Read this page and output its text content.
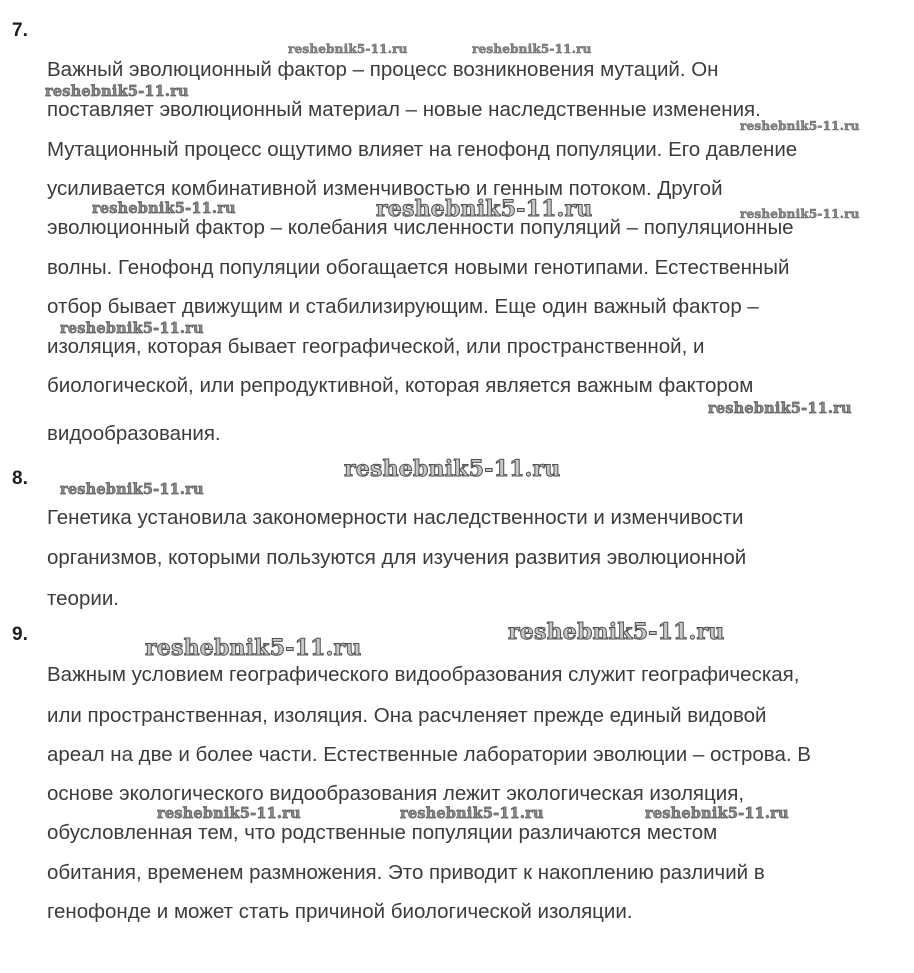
7.
Важный эволюционный фактор – процесс возникновения мутаций. Он
поставляет эволюционный материал – новые наследственные изменения.
Мутационный процесс ощутимо влияет на генофонд популяции. Его давление
усиливается комбинативной изменчивостью и генным потоком. Другой
эволюционный фактор – колебания численности популяций – популяционные
волны. Генофонд популяции обогащается новыми генотипами. Естественный
отбор бывает движущим и стабилизирующим. Еще один важный фактор –
изоляция, которая бывает географической, или пространственной, и
биологической, или репродуктивной, которая является важным фактором
видообразования.
8.
Генетика установила закономерности наследственности и изменчивости
организмов, которыми пользуются для изучения развития эволюционной
теории.
9.
Важным условием географического видообразования служит географическая,
или пространственная, изоляция. Она расчленяет прежде единый видовой
ареал на две и более части. Естественные лаборатории эволюции – острова. В
основе экологического видообразования лежит экологическая изоляция,
обусловленная тем, что родственные популяции различаются местом
обитания, временем размножения. Это приводит к накоплению различий в
генофонде и может стать причиной биологической изоляции.
reshebnik5-11.ru	reshebnik5-11.ru
reshebnik5-11.ru
reshebnik5-11.ru
reshebnik5-11.ru	reshebnik5-11.ru	reshebnik5-11.ru
reshebnik5-11.ru
reshebnik5-11.ru
reshebnik5-11.ru
reshebnik5-11.ru
reshebnik5-11.ru
reshebnik5-11.ru
reshebnik5-11.ru	reshebnik5-11.ru	reshebnik5-11.ru
